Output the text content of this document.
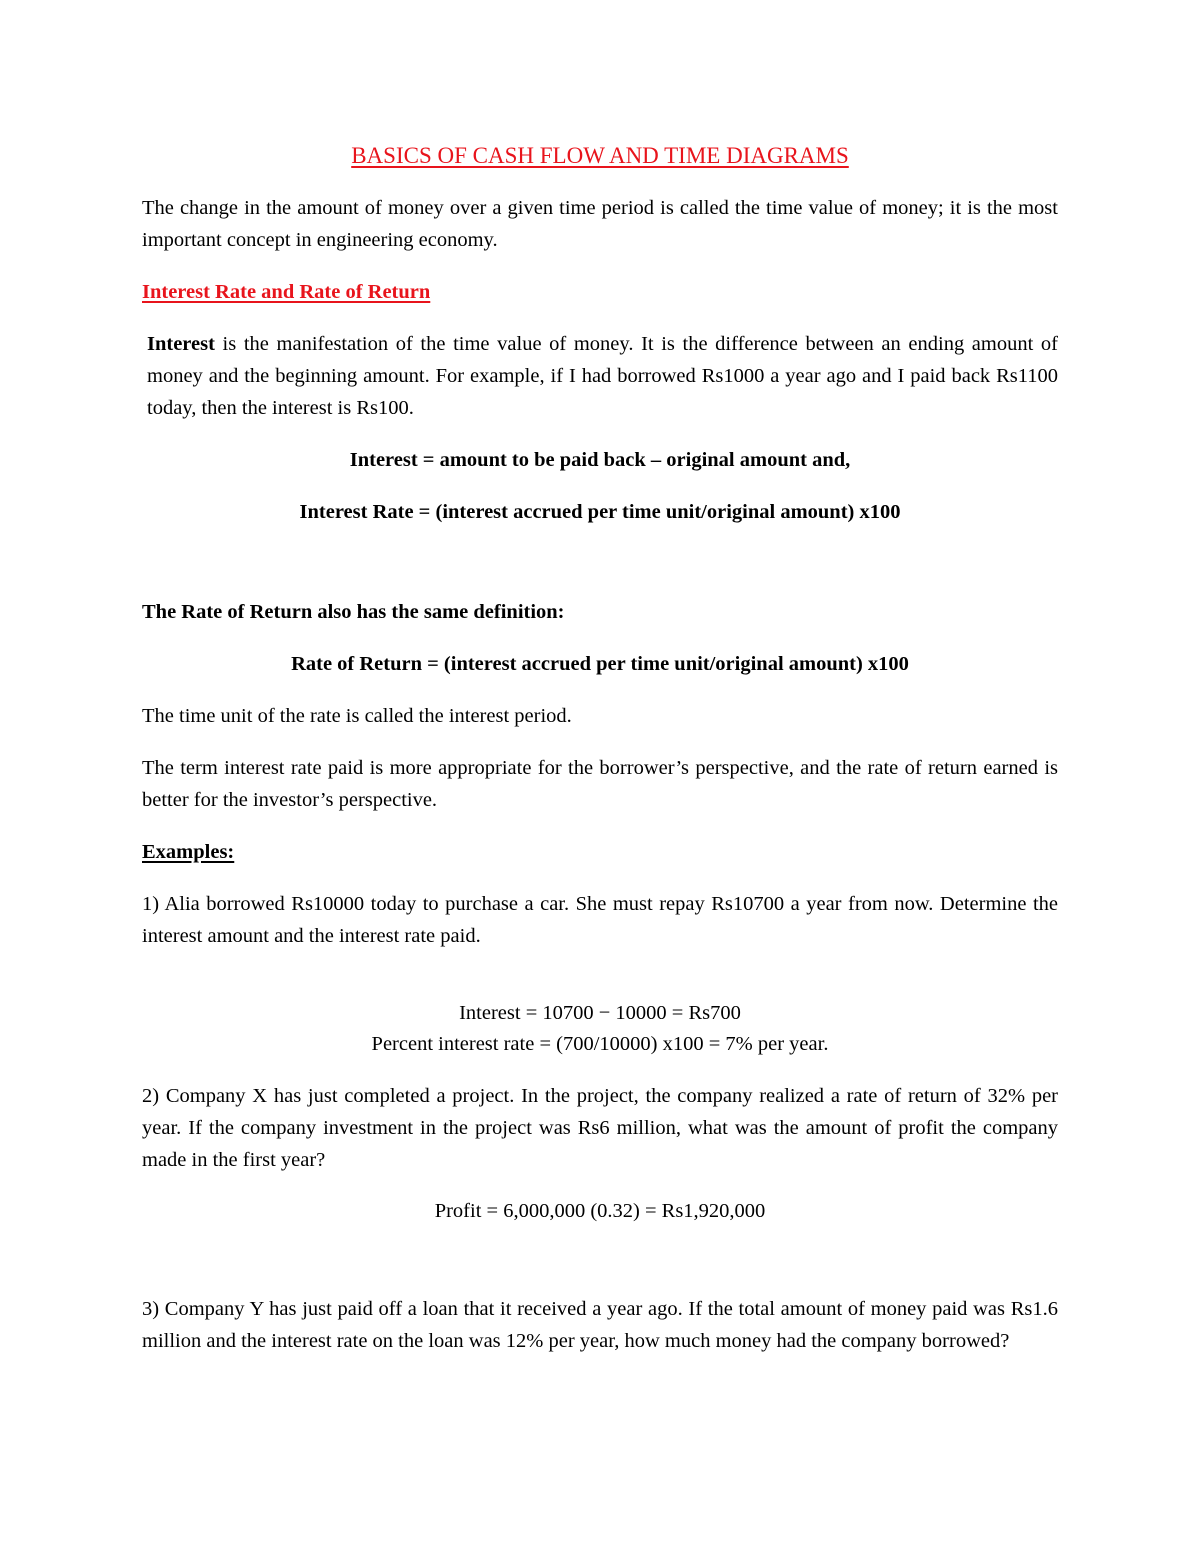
BASICS OF CASH FLOW AND TIME DIAGRAMS

The change in the amount of money over a given time period is called the time value of money; it is the most important concept in engineering economy.

Interest Rate and Rate of Return

Interest is the manifestation of the time value of money. It is the difference between an ending amount of money and the beginning amount. For example, if I had borrowed Rs1000 a year ago and I paid back Rs1100 today, then the interest is Rs100.

Interest = amount to be paid back – original amount and,

Interest Rate = (interest accrued per time unit/original amount) x100

The Rate of Return also has the same definition:

Rate of Return = (interest accrued per time unit/original amount) x100

The time unit of the rate is called the interest period.

The term interest rate paid is more appropriate for the borrower’s perspective, and the rate of return earned is better for the investor’s perspective.

Examples:

1) Alia borrowed Rs10000 today to purchase a car. She must repay Rs10700 a year from now. Determine the interest amount and the interest rate paid.

Interest = 10700 − 10000 = Rs700

Percent interest rate = (700/10000) x100 = 7% per year.

2) Company X has just completed a project. In the project, the company realized a rate of return of 32% per year. If the company investment in the project was Rs6 million, what was the amount of profit the company made in the first year?

Profit = 6,000,000 (0.32) = Rs1,920,000

3) Company Y has just paid off a loan that it received a year ago. If the total amount of money paid was Rs1.6 million and the interest rate on the loan was 12% per year, how much money had the company borrowed?
